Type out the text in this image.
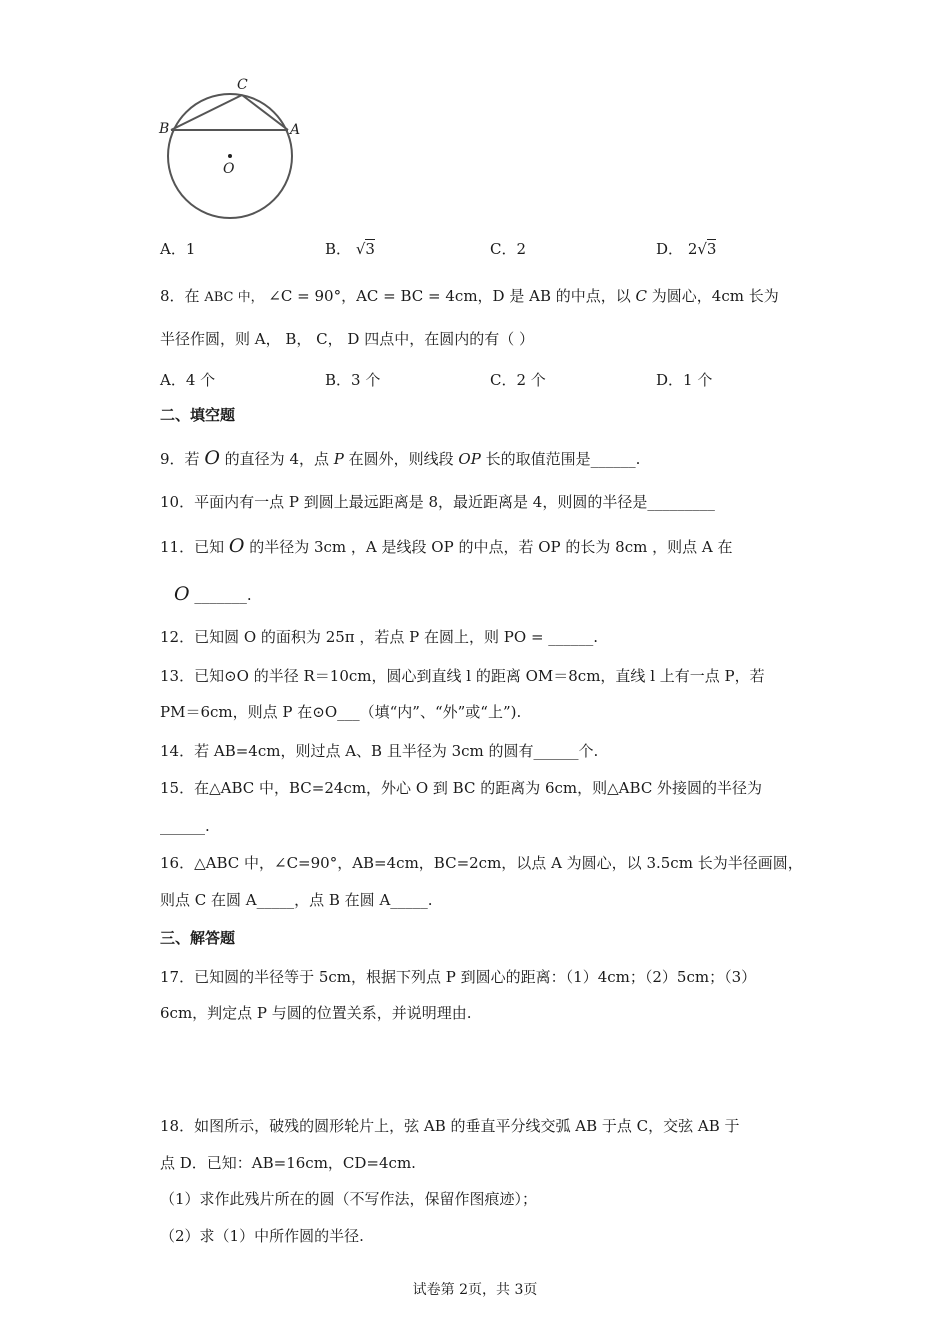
C
B	A
O
A．1	B． √3	C．2	D． 2√3
8．在 ABC 中， ∠C = 90°，AC = BC = 4cm，D 是 AB 的中点，以 C 为圆心，4cm 长为
半径作圆，则 A， B， C， D 四点中，在圆内的有（ ）
A．4 个	B．3 个	C．2 个	D．1 个
二、填空题
9．若 O 的直径为 4，点 P 在圆外，则线段 OP 长的取值范围是______.
10．平面内有一点 P 到圆上最远距离是 8，最近距离是 4，则圆的半径是_________
11．已知 O 的半径为 3cm ，A 是线段 OP 的中点，若 OP 的长为 8cm ，则点 A 在
O _______.
12．已知圆 O 的面积为 25π ，若点 P 在圆上，则 PO = ______.
13．已知⊙O 的半径 R＝10cm，圆心到直线 l 的距离 OM＝8cm，直线 l 上有一点 P，若
PM＝6cm，则点 P 在⊙O___（填“内”、“外”或“上”).
14．若 AB=4cm，则过点 A、B 且半径为 3cm 的圆有______个.
15．在△ABC 中，BC=24cm，外心 O 到 BC 的距离为 6cm，则△ABC 外接圆的半径为
______.
16．△ABC 中，∠C=90°，AB=4cm，BC=2cm，以点 A 为圆心，以 3.5cm 长为半径画圆，
则点 C 在圆 A_____，点 B 在圆 A_____.
三、解答题
17．已知圆的半径等于 5cm，根据下列点 P 到圆心的距离：（1）4cm；（2）5cm；（3）
6cm，判定点 P 与圆的位置关系，并说明理由.
18．如图所示，破残的圆形轮片上，弦 AB 的垂直平分线交弧 AB 于点 C，交弦 AB 于
点 D．已知：AB=16cm，CD=4cm.
（1）求作此残片所在的圆（不写作法，保留作图痕迹）；
（2）求（1）中所作圆的半径.
试卷第 2页，共 3页
